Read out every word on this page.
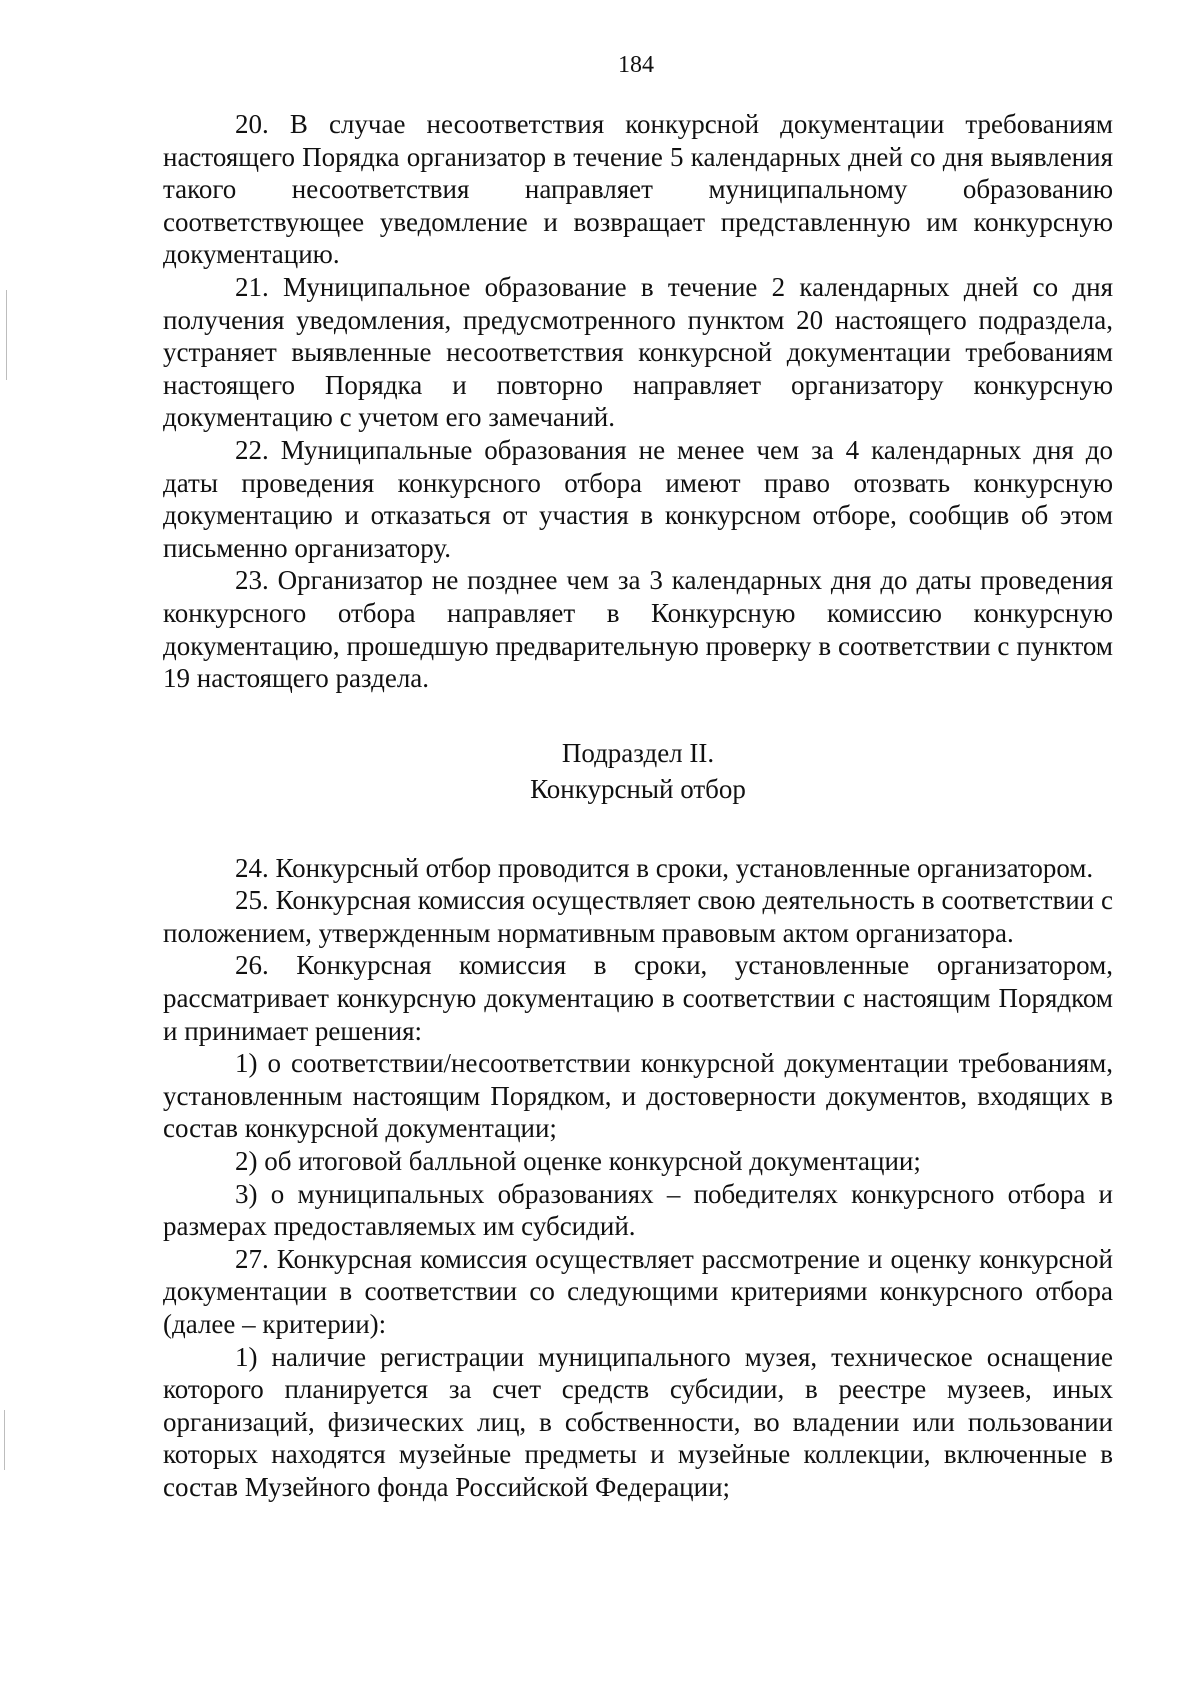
184

20. В случае несоответствия конкурсной документации требованиям настоящего Порядка организатор в течение 5 календарных дней со дня выявления такого несоответствия направляет муниципальному образованию соответствующее уведомление и возвращает представленную им конкурсную документацию.

21. Муниципальное образование в течение 2 календарных дней со дня получения уведомления, предусмотренного пунктом 20 настоящего подраздела, устраняет выявленные несоответствия конкурсной документации требованиям настоящего Порядка и повторно направляет организатору конкурсную документацию с учетом его замечаний.

22. Муниципальные образования не менее чем за 4 календарных дня до даты проведения конкурсного отбора имеют право отозвать конкурсную документацию и отказаться от участия в конкурсном отборе, сообщив об этом письменно организатору.

23. Организатор не позднее чем за 3 календарных дня до даты проведения конкурсного отбора направляет в Конкурсную комиссию конкурсную документацию, прошедшую предварительную проверку в соответствии с пунктом 19 настоящего раздела.

Подраздел II.
Конкурсный отбор

24. Конкурсный отбор проводится в сроки, установленные организатором.

25. Конкурсная комиссия осуществляет свою деятельность в соответствии с положением, утвержденным нормативным правовым актом организатора.

26. Конкурсная комиссия в сроки, установленные организатором, рассматривает конкурсную документацию в соответствии с настоящим Порядком и принимает решения:

1) о соответствии/несоответствии конкурсной документации требованиям, установленным настоящим Порядком, и достоверности документов, входящих в состав конкурсной документации;

2) об итоговой балльной оценке конкурсной документации;

3) о муниципальных образованиях – победителях конкурсного отбора и размерах предоставляемых им субсидий.

27. Конкурсная комиссия осуществляет рассмотрение и оценку конкурсной документации в соответствии со следующими критериями конкурсного отбора (далее – критерии):

1) наличие регистрации муниципального музея, техническое оснащение которого планируется за счет средств субсидии, в реестре музеев, иных организаций, физических лиц, в собственности, во владении или пользовании которых находятся музейные предметы и музейные коллекции, включенные в состав Музейного фонда Российской Федерации;
